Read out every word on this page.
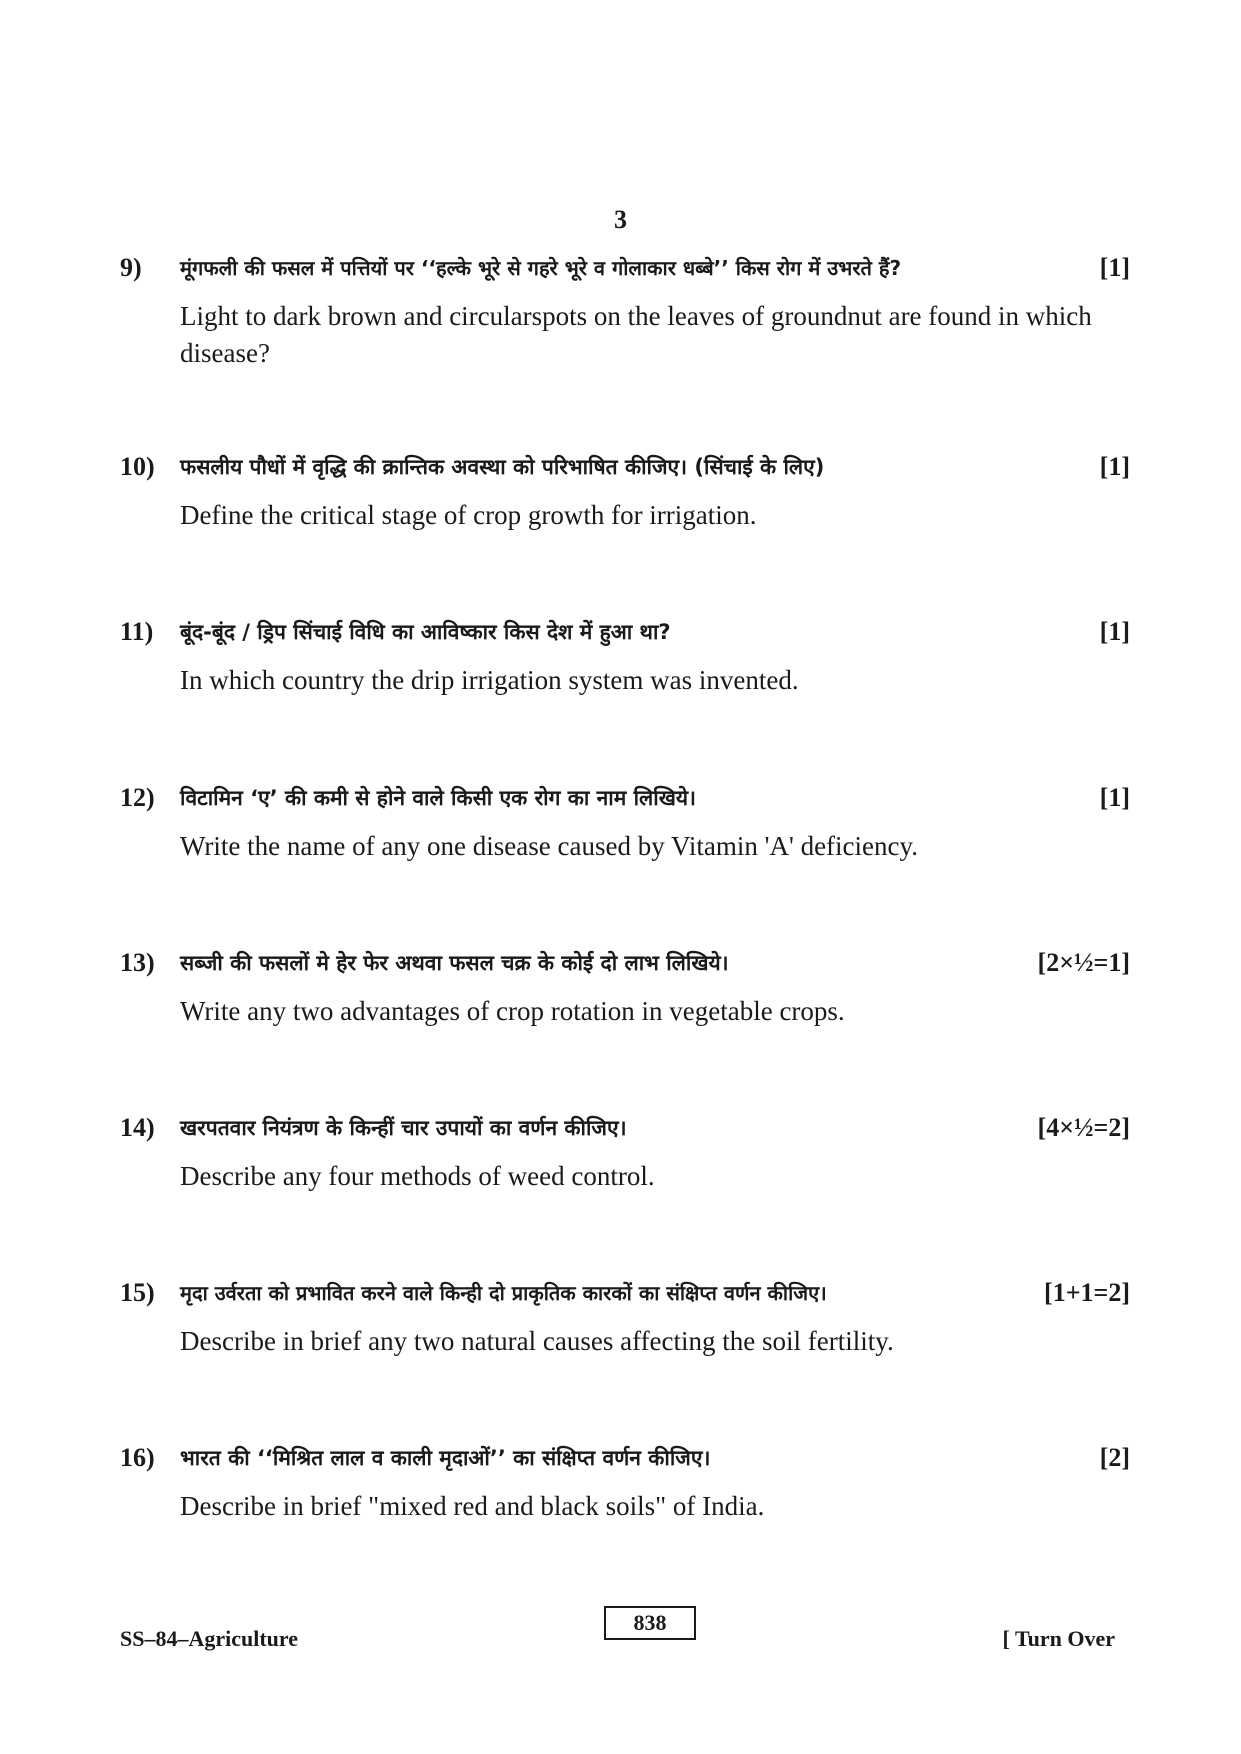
3
9) मूंगफली की फसल में पत्तियों पर ‘‘हल्के भूरे से गहरे भूरे व गोलाकार धब्बे’’ किस रोग में उभरते हैं?	[1]
Light to dark brown and circularspots on the leaves of groundnut are found in which disease?
10) फसलीय पौधों में वृद्धि की क्रान्तिक अवस्था को परिभाषित कीजिए। (सिंचाई के लिए)	[1]
Define the critical stage of crop growth for irrigation.
11) बूंद-बूंद / ड्रिप सिंचाई विधि का आविष्कार किस देश में हुआ था?	[1]
In which country the drip irrigation system was invented.
12) विटामिन ‘ए’ की कमी से होने वाले किसी एक रोग का नाम लिखिये।	[1]
Write the name of any one disease caused by Vitamin 'A' deficiency.
13) सब्जी की फसलों मे हेर फेर अथवा फसल चक्र के कोई दो लाभ लिखिये।	[2×½=1]
Write any two advantages of crop rotation in vegetable crops.
14) खरपतवार नियंत्रण के किन्हीं चार उपायों का वर्णन कीजिए।	[4×½=2]
Describe any four methods of weed control.
15) मृदा उर्वरता को प्रभावित करने वाले किन्ही दो प्राकृतिक कारकों का संक्षिप्त वर्णन कीजिए।	[1+1=2]
Describe in brief any two natural causes affecting the soil fertility.
16) भारत की ‘‘मिश्रित लाल व काली मृदाओं’’ का संक्षिप्त वर्णन कीजिए।	[2]
Describe in brief "mixed red and black soils" of India.
SS–84–Agriculture
838
[ Turn Over
